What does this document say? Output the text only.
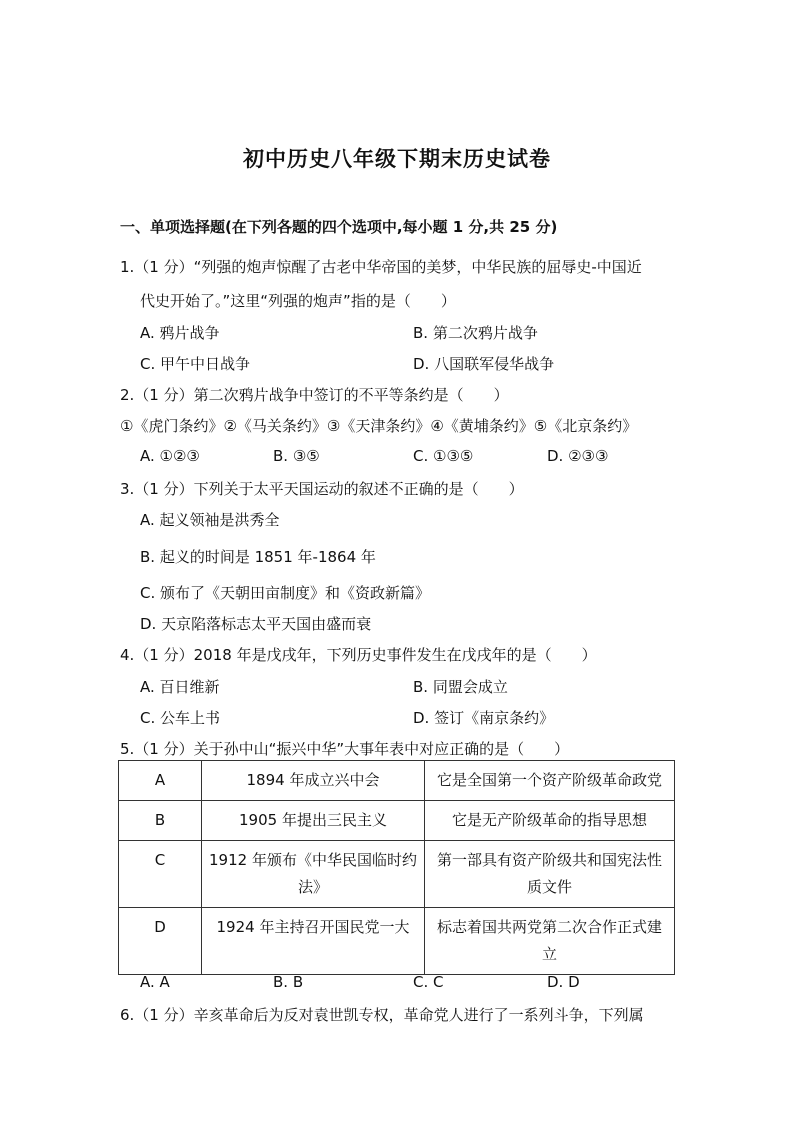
初中历史八年级下期末历史试卷
一、单项选择题(在下列各题的四个选项中,每小题 1 分,共 25 分)
1.（1 分）“列强的炮声惊醒了古老中华帝国的美梦，中华民族的屈辱史-中国近
代史开始了。”这里“列强的炮声”指的是（　　）
A. 鸦片战争	B. 第二次鸦片战争
C. 甲午中日战争	D. 八国联军侵华战争
2.（1 分）第二次鸦片战争中签订的不平等条约是（　　）
①《虎门条约》②《马关条约》③《天津条约》④《黄埔条约》⑤《北京条约》
A. ①②③	B. ③⑤	C. ①③⑤	D. ②③③
3.（1 分）下列关于太平天国运动的叙述不正确的是（　　）
A. 起义领袖是洪秀全
B. 起义的时间是 1851 年-1864 年
C. 颁布了《天朝田亩制度》和《资政新篇》
D. 天京陷落标志太平天国由盛而衰
4.（1 分）2018 年是戊戌年，下列历史事件发生在戊戌年的是（　　）
A. 百日维新	B. 同盟会成立
C. 公车上书	D. 签订《南京条约》
5.（1 分）关于孙中山“振兴中华”大事年表中对应正确的是（　　）
A	1894 年成立兴中会	它是全国第一个资产阶级革命政党
B	1905 年提出三民主义	它是无产阶级革命的指导思想
C	1912 年颁布《中华民国临时约法》	第一部具有资产阶级共和国宪法性质文件
D	1924 年主持召开国民党一大	标志着国共两党第二次合作正式建立
A. A	B. B	C. C	D. D
6.（1 分）辛亥革命后为反对袁世凯专权，革命党人进行了一系列斗争，下列属
